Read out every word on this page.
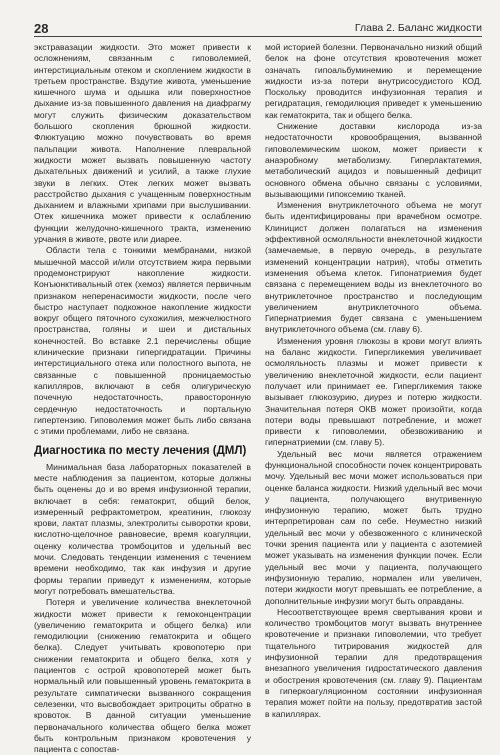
28	Глава 2. Баланс жидкости

экстравазации жидкости. Это может привести к осложнениям, связанным с гиповолемией, интерстициальным отеком и скоплением жидкости в третьем пространстве. Вздутие живота, уменьшение кишечного шума и одышка или поверхностное дыхание из-за повышенного давления на диафрагму могут служить физическим доказательством большого скопления брюшной жидкости. Флюктуацию можно почувствовать во время пальпации живота. Наполнение плевральной жидкости может вызвать повышенную частоту дыхательных движений и усилий, а также глухие звуки в легких. Отек легких может вызвать расстройство дыхания с учащенным поверхностным дыханием и влажными хрипами при выслушивании. Отек кишечника может привести к ослаблению функции желудочно-кишечного тракта, изменению урчания в животе, рвоте или диарее.

Области тела с тонкими мембранами, низкой мышечной массой и/или отсутствием жира первыми продемонстрируют накопление жидкости. Конъюнктивальный отек (хемоз) является первичным признаком неперенасимости жидкости, после чего быстро наступает подкожное накопление жидкости вокруг общего пяточного сухожилия, межчелюстного пространства, голяны и шеи и дистальных конечностей. Во вставке 2.1 перечислены общие клинические признаки гипергидратации. Причины интерстициального отека или полостного выпота, не связанные с повышенной проницаемостью капилляров, включают в себя олигурическую почечную недостаточность, правосторонную сердечную недостаточность и портальную гипертензию. Гиповолемия может быть либо связана с этими проблемами, либо не связана.

Диагностика по месту лечения (ДМЛ)

Минимальная база лабораторных показателей в месте наблюдения за пациентом, которые должны быть оценены до и во время инфузионной терапии, включает в себя: гематокрит, общий белок, измеренный рефрактометром, креатинин, глюкозу крови, лактат плазмы, электролиты сыворотки крови, кислотно-щелочное равновесие, время коагуляции, оценку количества тромбоцитов и удельный вес мочи. Следовать тенденции изменения с течением времени необходимо, так как инфузия и другие формы терапии приведут к изменениям, которые могут потребовать вмешательства.

Потеря и увеличение количества внеклеточной жидкости может привести к гемоконцентрации (увеличению гематокрита и общего белка) или гемодилюции (снижению гематокрита и общего белка). Следует учитывать кровопотерю при снижении гематокрита и общего белка, хотя у пациентов с острой кровопотерей может быть нормальный или повышенный уровень гематокрита в результате симпатически вызванного сокращения селезенки, что высвобождает эритроциты обратно в кровоток. В данной ситуации уменьшение первоначального количества общего белка может быть контрольным признаком кровотечения у пациента с сопостав-

мой историей болезни. Первоначально низкий общий белок на фоне отсутствия кровотечения может означать гипоальбуминемию и перемещение жидкости из-за потери внутрисосудистого КОД. Поскольку проводится инфузионная терапия и регидратация, гемодилюция приведет к уменьшению как гематокрита, так и общего белка.

Снижение доставки кислорода из-за недостаточности кровообращения, вызванной гиповолемическим шоком, может привести к анаэробному метаболизму. Гиперлактатемия, метаболический ацидоз и повышенный дефицит основного обмена обычно связаны с условиями, вызывающими гипоксемию тканей.

Изменения внутриклеточного объема не могут быть идентифицированы при врачебном осмотре. Клиницист должен полагаться на изменения эффективной осмоляльности внеклеточной жидкости (замечаемые, в первую очередь, в результате изменений концентрации натрия), чтобы отметить изменения объема клеток. Гипонатриемия будет связана с перемещением воды из внеклеточного во внутриклеточное пространство и последующим увеличением внутриклеточного объема. Гипернатриемия будет связана с уменьшением внутриклеточного объема (см. главу 6).

Изменения уровня глюкозы в крови могут влиять на баланс жидкости. Гипергликемия увеличивает осмоляльность плазмы и может привести к увеличению внеклеточной жидкости, если пациент получает или принимает еe. Гипергликемия также вызывает глюкозурию, диурез и потерю жидкости. Значительная потеря ОКВ может произойти, когда потери воды превышают потребление, и может привести к гиповолемии, обезвоживанию и гипернатриемии (см. главу 5).

Удельный вес мочи является отражением функциональной способности почек концентрировать мочу. Удельный вес мочи может использоваться при оценке баланса жидкости. Низкий удельный вес мочи у пациента, получающего внутривенную инфузионную терапию, может быть трудно интерпретирован сам по себе. Неуместно низкий удельный вес мочи у обезвоженного с клинической точки зрения пациента или у пациента с азотемией может указывать на изменения функции почек. Если удельный вес мочи у пациента, получающего инфузионную терапию, нормален или увеличен, потери жидкости могут превышать ее потребление, а дополнительные инфузии могут быть оправданы.

Несоответствующее время свертывания крови и количество тромбоцитов могут вызвать внутреннее кровотечение и признаки гиповолемии, что требует тщательного титрирования жидкостей для инфузионной терапии для предотвращения внезапного увеличения гидростатического давления и обострения кровотечения (см. главу 9). Пациентам в гиперкоагуляционном состоянии инфузионная терапия может пойти на пользу, предотвратив застой в капиллярах.
